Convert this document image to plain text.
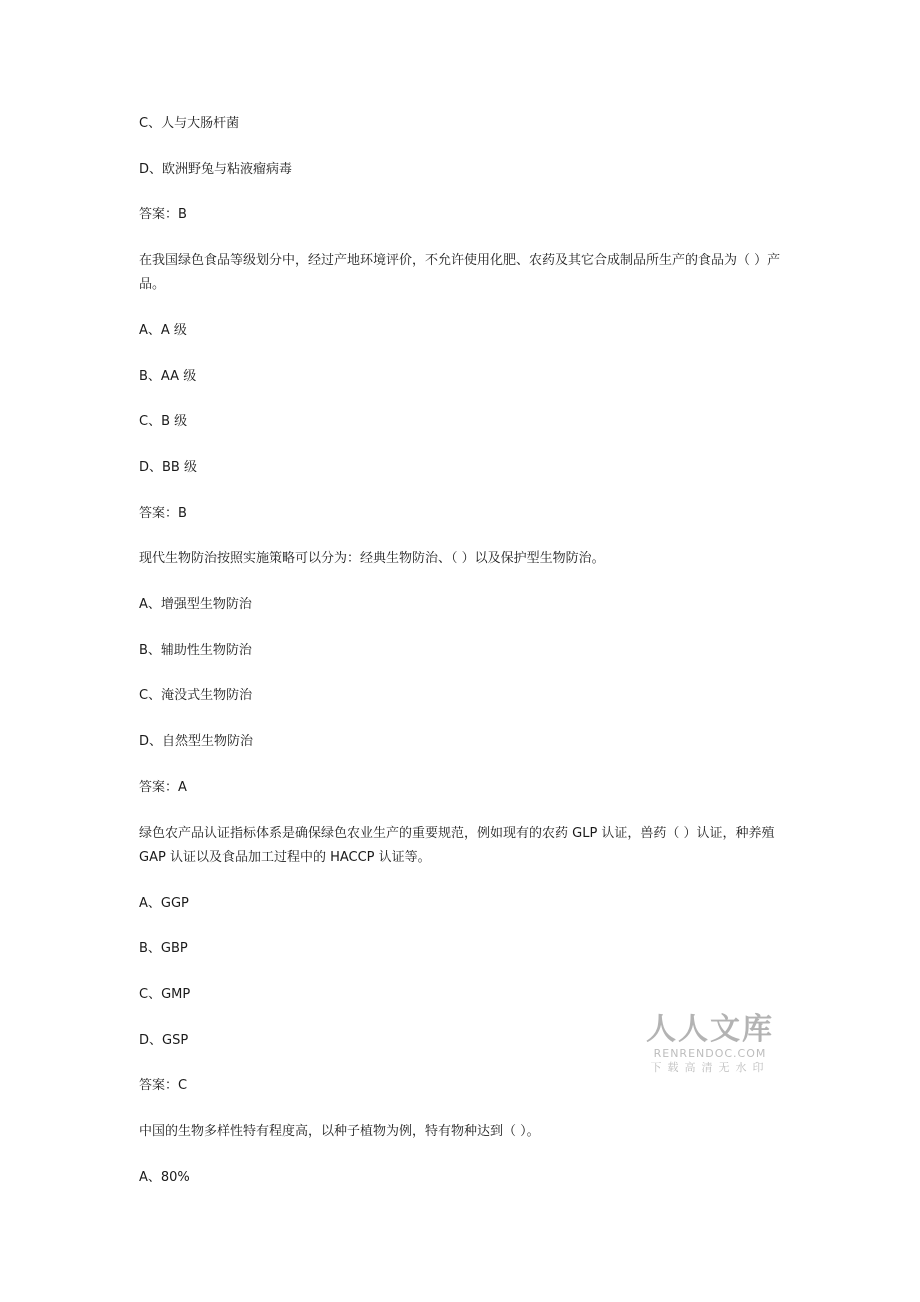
C、人与大肠杆菌
D、欧洲野兔与粘液瘤病毒
答案：B
在我国绿色食品等级划分中，经过产地环境评价，不允许使用化肥、农药及其它合成制品所生产的食品为（ ）产品。
A、A 级
B、AA 级
C、B 级
D、BB 级
答案：B
现代生物防治按照实施策略可以分为：经典生物防治、（ ）以及保护型生物防治。
A、增强型生物防治
B、辅助性生物防治
C、淹没式生物防治
D、自然型生物防治
答案：A
绿色农产品认证指标体系是确保绿色农业生产的重要规范，例如现有的农药 GLP 认证，兽药（ ）认证，种养殖 GAP 认证以及食品加工过程中的 HACCP 认证等。
A、GGP
B、GBP
C、GMP
D、GSP
答案：C
中国的生物多样性特有程度高，以种子植物为例，特有物种达到（ ）。
A、80%
人人文库
RENRENDOC.COM
下载高清无水印
